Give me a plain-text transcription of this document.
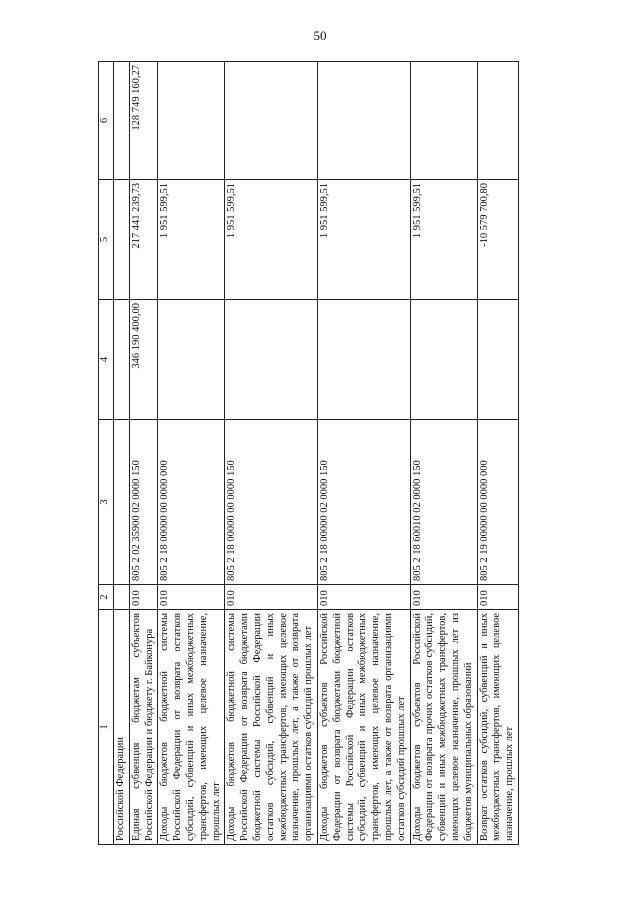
50
1	2	3	4	5	6
Российской Федерации					
Единая субвенция бюджетам субъектов Российской Федерации и бюджету г. Байконура	010	805 2 02 35900 02 0000 150	346 190 400,00	217 441 239,73	128 749 160,27
Доходы бюджетов бюджетной системы Российской Федерации от возврата остатков субсидий, субвенций и иных межбюджетных трансфертов, имеющих целевое назначение, прошлых лет	010	805 2 18 00000 00 0000 000		1 951 599,51	
Доходы бюджетов бюджетной системы Российской Федерации от возврата бюджетами бюджетной системы Российской Федерации остатков субсидий, субвенций и иных межбюджетных трансфертов, имеющих целевое назначение, прошлых лет, а также от возврата организациями остатков субсидий прошлых лет	010	805 2 18 00000 00 0000 150		1 951 599,51	
Доходы бюджетов субъектов Российской Федерации от возврата бюджетами бюджетной системы Российской Федерации остатков субсидий, субвенций и иных межбюджетных трансфертов, имеющих целевое назначение, прошлых лет, а также от возврата организациями остатков субсидий прошлых лет	010	805 2 18 00000 02 0000 150		1 951 599,51	
Доходы бюджетов субъектов Российской Федерации от возврата прочих остатков субсидий, субвенций и иных межбюджетных трансфертов, имеющих целевое назначение, прошлых лет из бюджетов муниципальных образований	010	805 2 18 60010 02 0000 150		1 951 599,51	
Возврат остатков субсидий, субвенций и иных межбюджетных трансфертов, имеющих целевое назначение, прошлых лет	010	805 2 19 00000 00 0000 000		-10 579 700,80	
